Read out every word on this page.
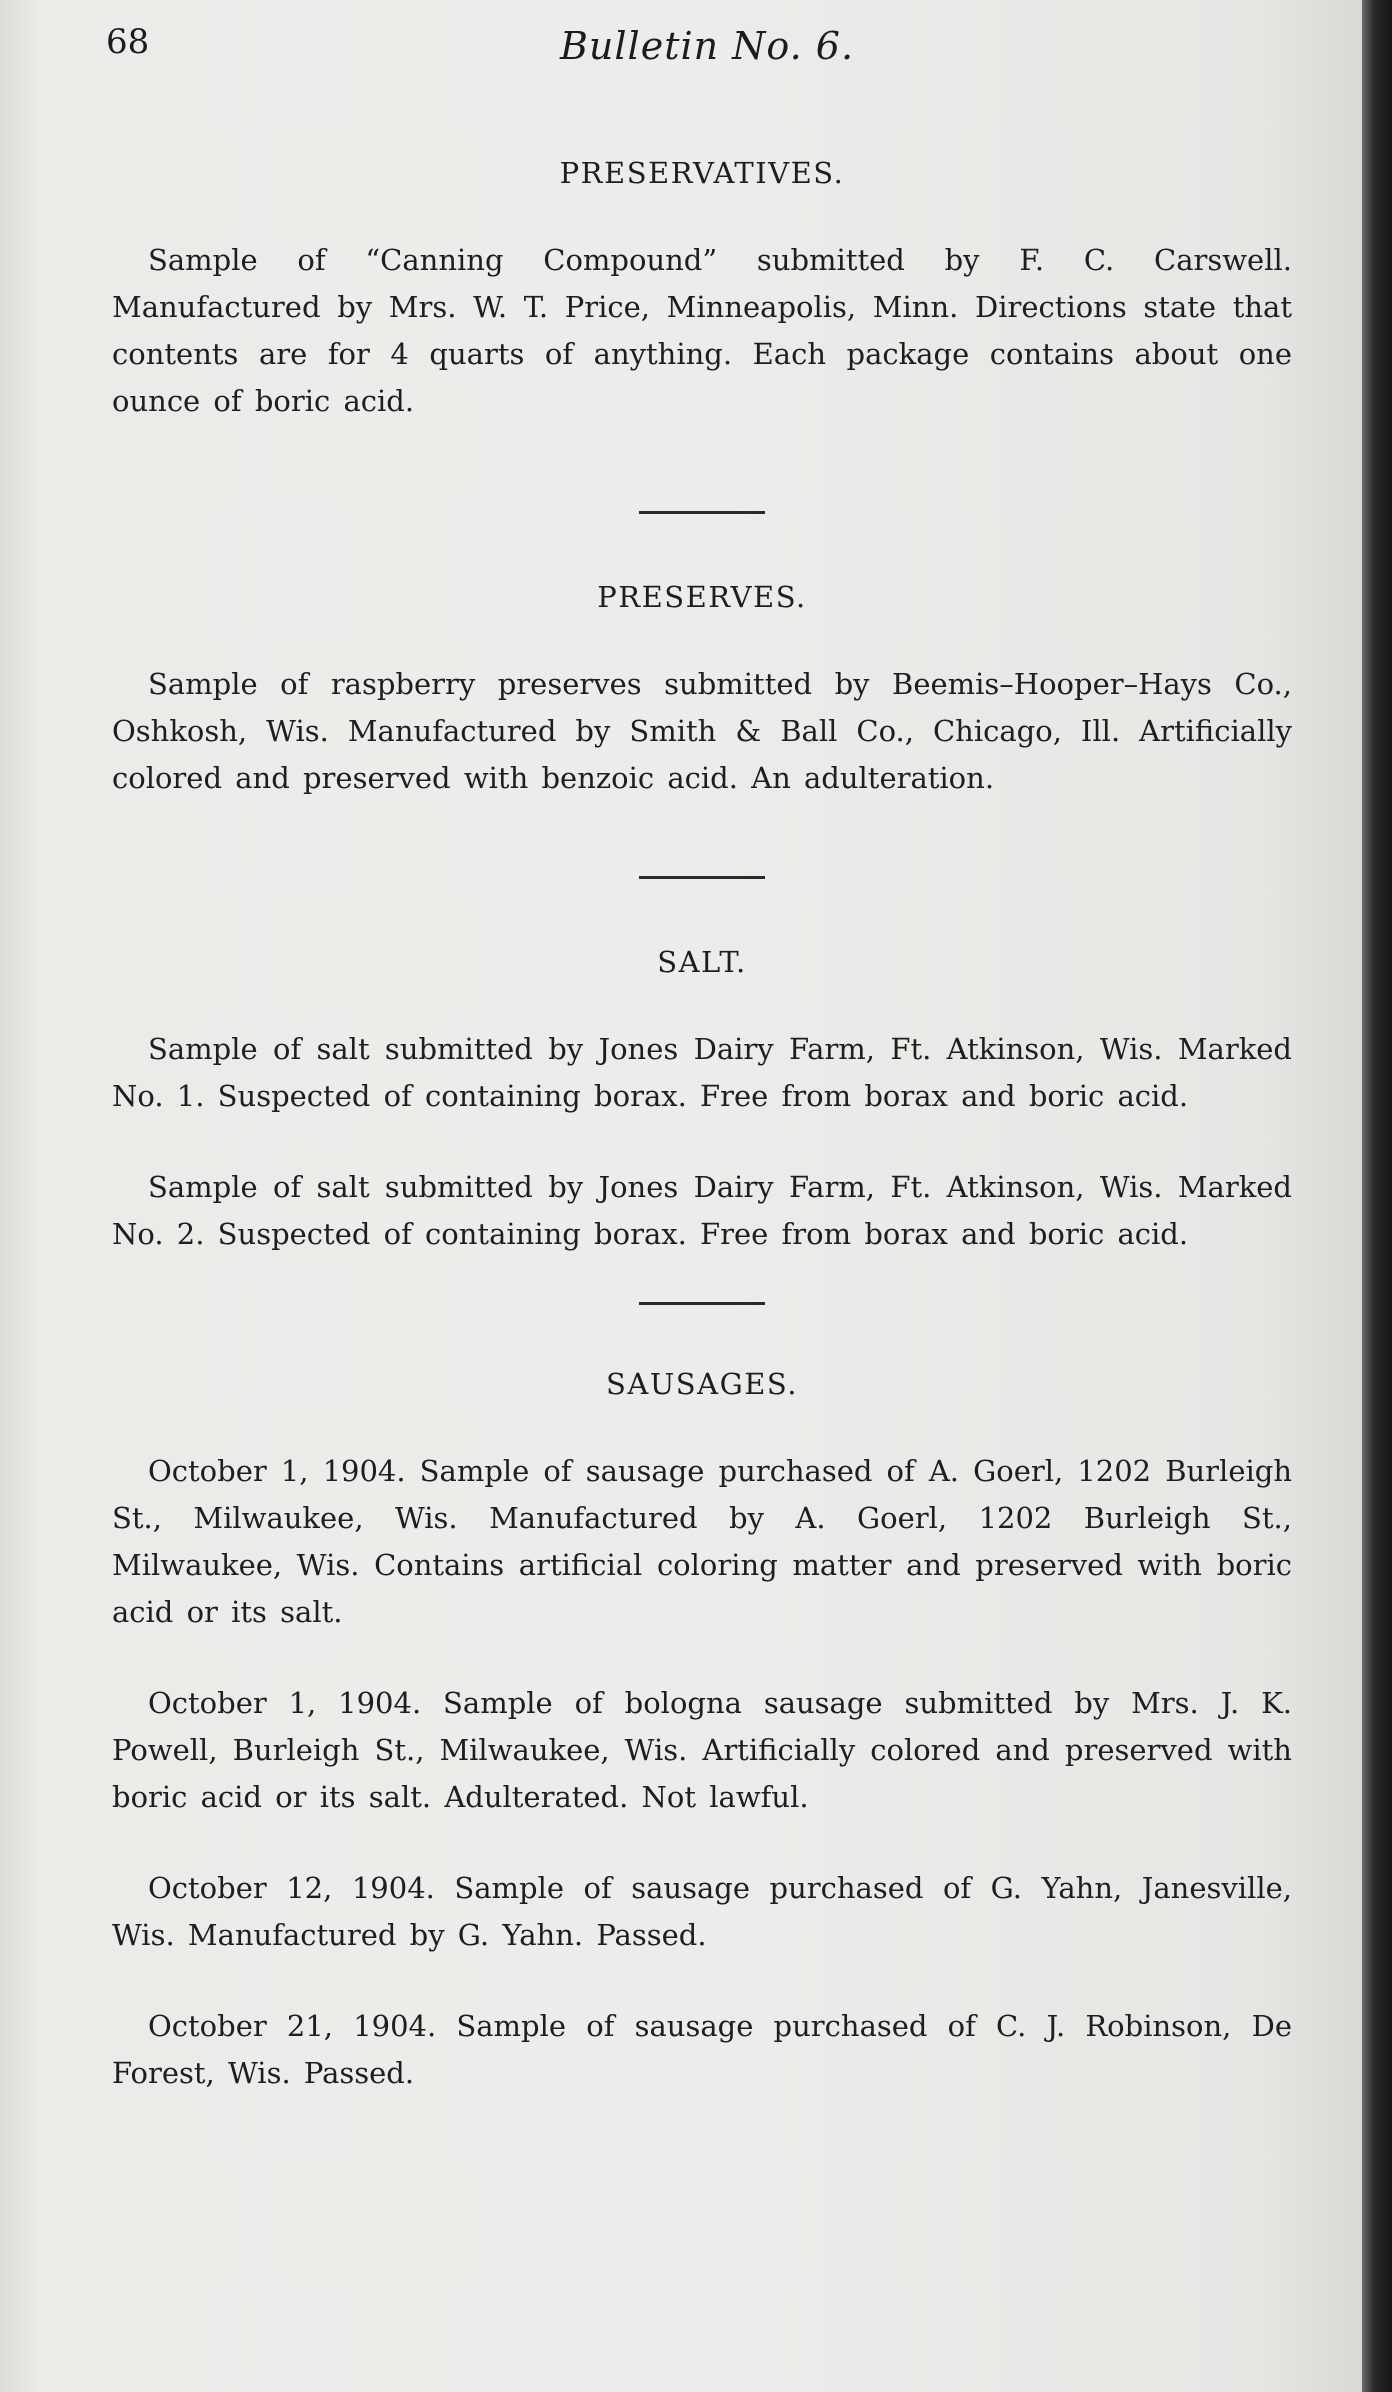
68	Bulletin No. 6.
PRESERVATIVES.

Sample of “Canning Compound” submitted by F. C. Carswell. Manufactured by Mrs. W. T. Price, Minneapolis, Minn. Directions state that contents are for 4 quarts of anything. Each package contains about one ounce of boric acid.

PRESERVES.

Sample of raspberry preserves submitted by Beemis–Hooper–Hays Co., Oshkosh, Wis. Manufactured by Smith & Ball Co., Chicago, Ill. Artificially colored and preserved with benzoic acid. An adulteration.

SALT.

Sample of salt submitted by Jones Dairy Farm, Ft. Atkinson, Wis. Marked No. 1. Suspected of containing borax. Free from borax and boric acid.

Sample of salt submitted by Jones Dairy Farm, Ft. Atkinson, Wis. Marked No. 2. Suspected of containing borax. Free from borax and boric acid.

SAUSAGES.

October 1, 1904. Sample of sausage purchased of A. Goerl, 1202 Burleigh St., Milwaukee, Wis. Manufactured by A. Goerl, 1202 Burleigh St., Milwaukee, Wis. Contains artificial coloring matter and preserved with boric acid or its salt.

October 1, 1904. Sample of bologna sausage submitted by Mrs. J. K. Powell, Burleigh St., Milwaukee, Wis. Artificially colored and preserved with boric acid or its salt. Adulterated. Not lawful.

October 12, 1904. Sample of sausage purchased of G. Yahn, Janesville, Wis. Manufactured by G. Yahn. Passed.

October 21, 1904. Sample of sausage purchased of C. J. Robinson, De Forest, Wis. Passed.
